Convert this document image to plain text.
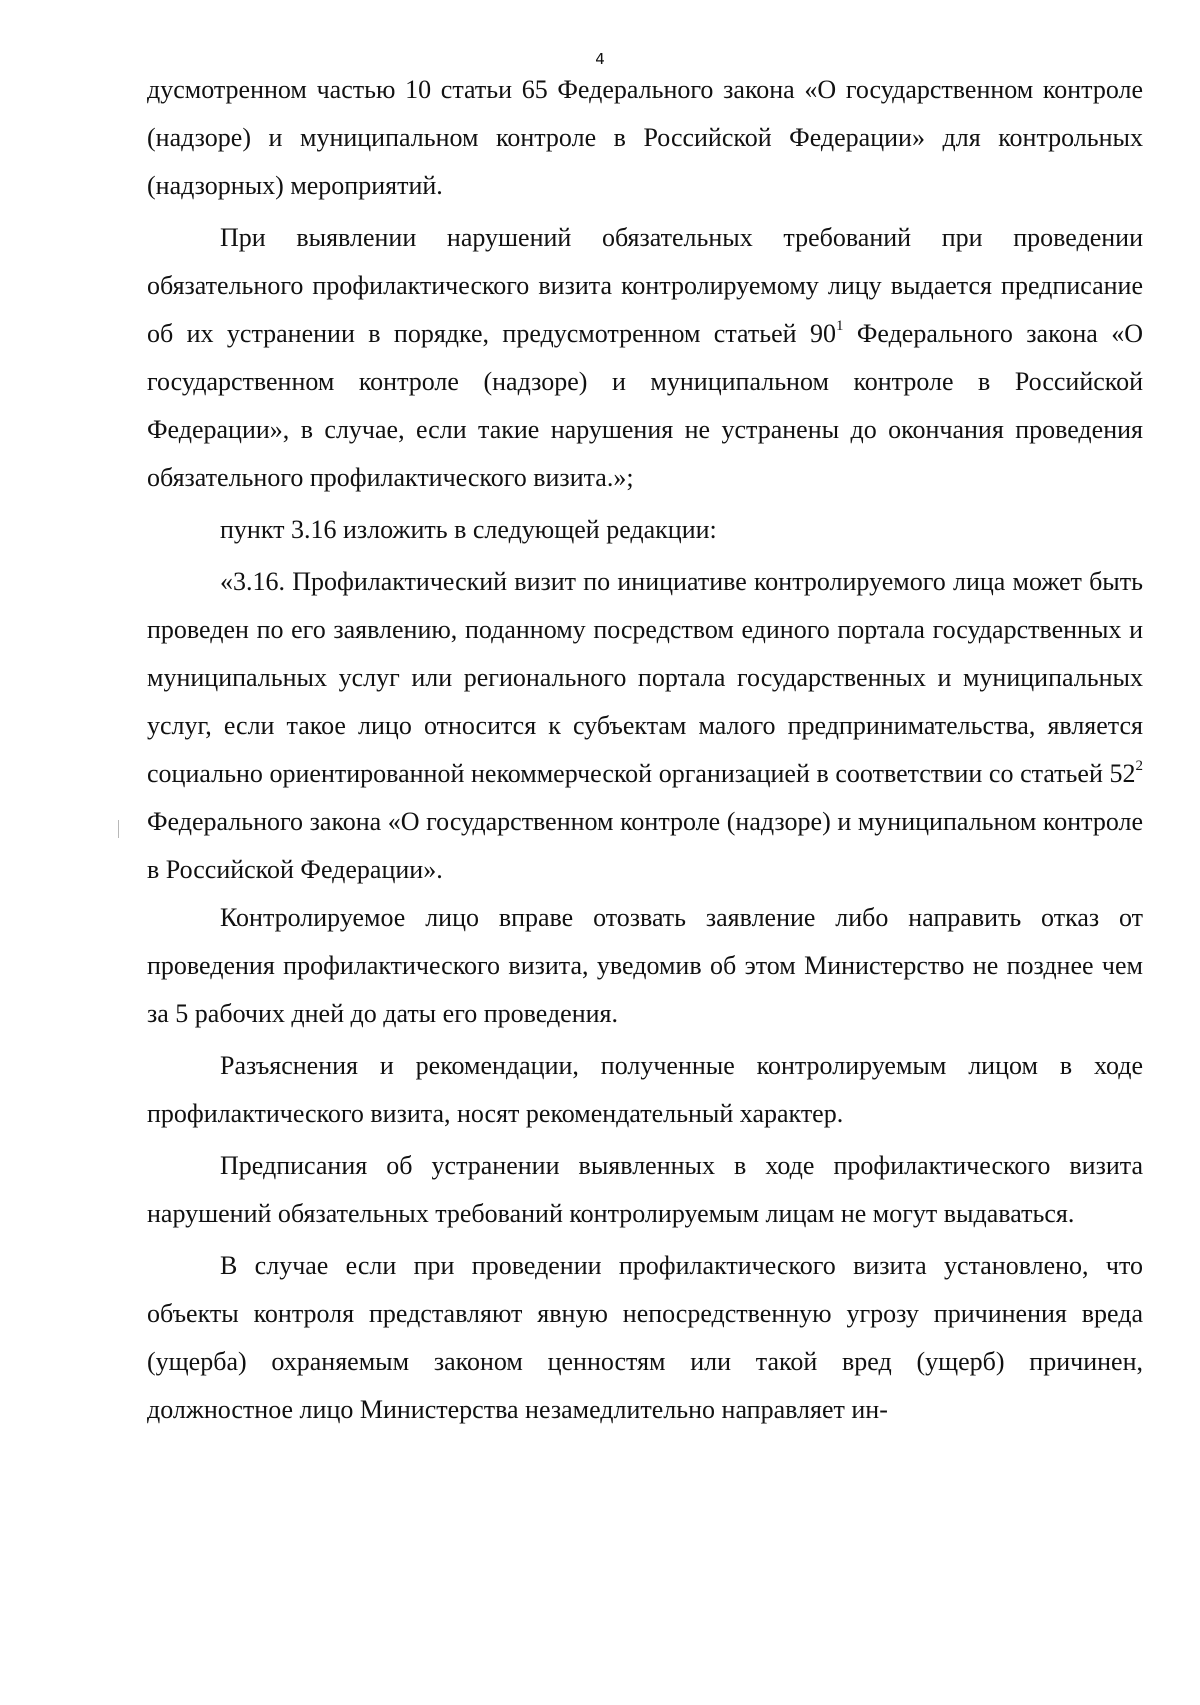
4

дусмотренном частью 10 статьи 65 Федерального закона «О государственном контроле (надзоре) и муниципальном контроле в Российской Федерации» для контрольных (надзорных) мероприятий.

При выявлении нарушений обязательных требований при проведении обязательного профилактического визита контролируемому лицу выдается предписание об их устранении в порядке, предусмотренном статьей $90^1$ Федерального закона «О государственном контроле (надзоре) и муниципальном контроле в Российской Федерации», в случае, если такие нарушения не устранены до окончания проведения обязательного профилактического визита.»;

пункт 3.16 изложить в следующей редакции:

«3.16. Профилактический визит по инициативе контролируемого лица может быть проведен по его заявлению, поданному посредством единого портала государственных и муниципальных услуг или регионального портала государственных и муниципальных услуг, если такое лицо относится к субъектам малого предпринимательства, является социально ориентированной некоммерческой организацией в соответствии со статьей $52^2$ Федерального закона «О государственном контроле (надзоре) и муниципальном контроле в Российской Федерации».

Контролируемое лицо вправе отозвать заявление либо направить отказ от проведения профилактического визита, уведомив об этом Министерство не позднее чем за 5 рабочих дней до даты его проведения.

Разъяснения и рекомендации, полученные контролируемым лицом в ходе профилактического визита, носят рекомендательный характер.

Предписания об устранении выявленных в ходе профилактического визита нарушений обязательных требований контролируемым лицам не могут выдаваться.

В случае если при проведении профилактического визита установлено, что объекты контроля представляют явную непосредственную угрозу причинения вреда (ущерба) охраняемым законом ценностям или такой вред (ущерб) причинен, должностное лицо Министерства незамедлительно направляет ин-
